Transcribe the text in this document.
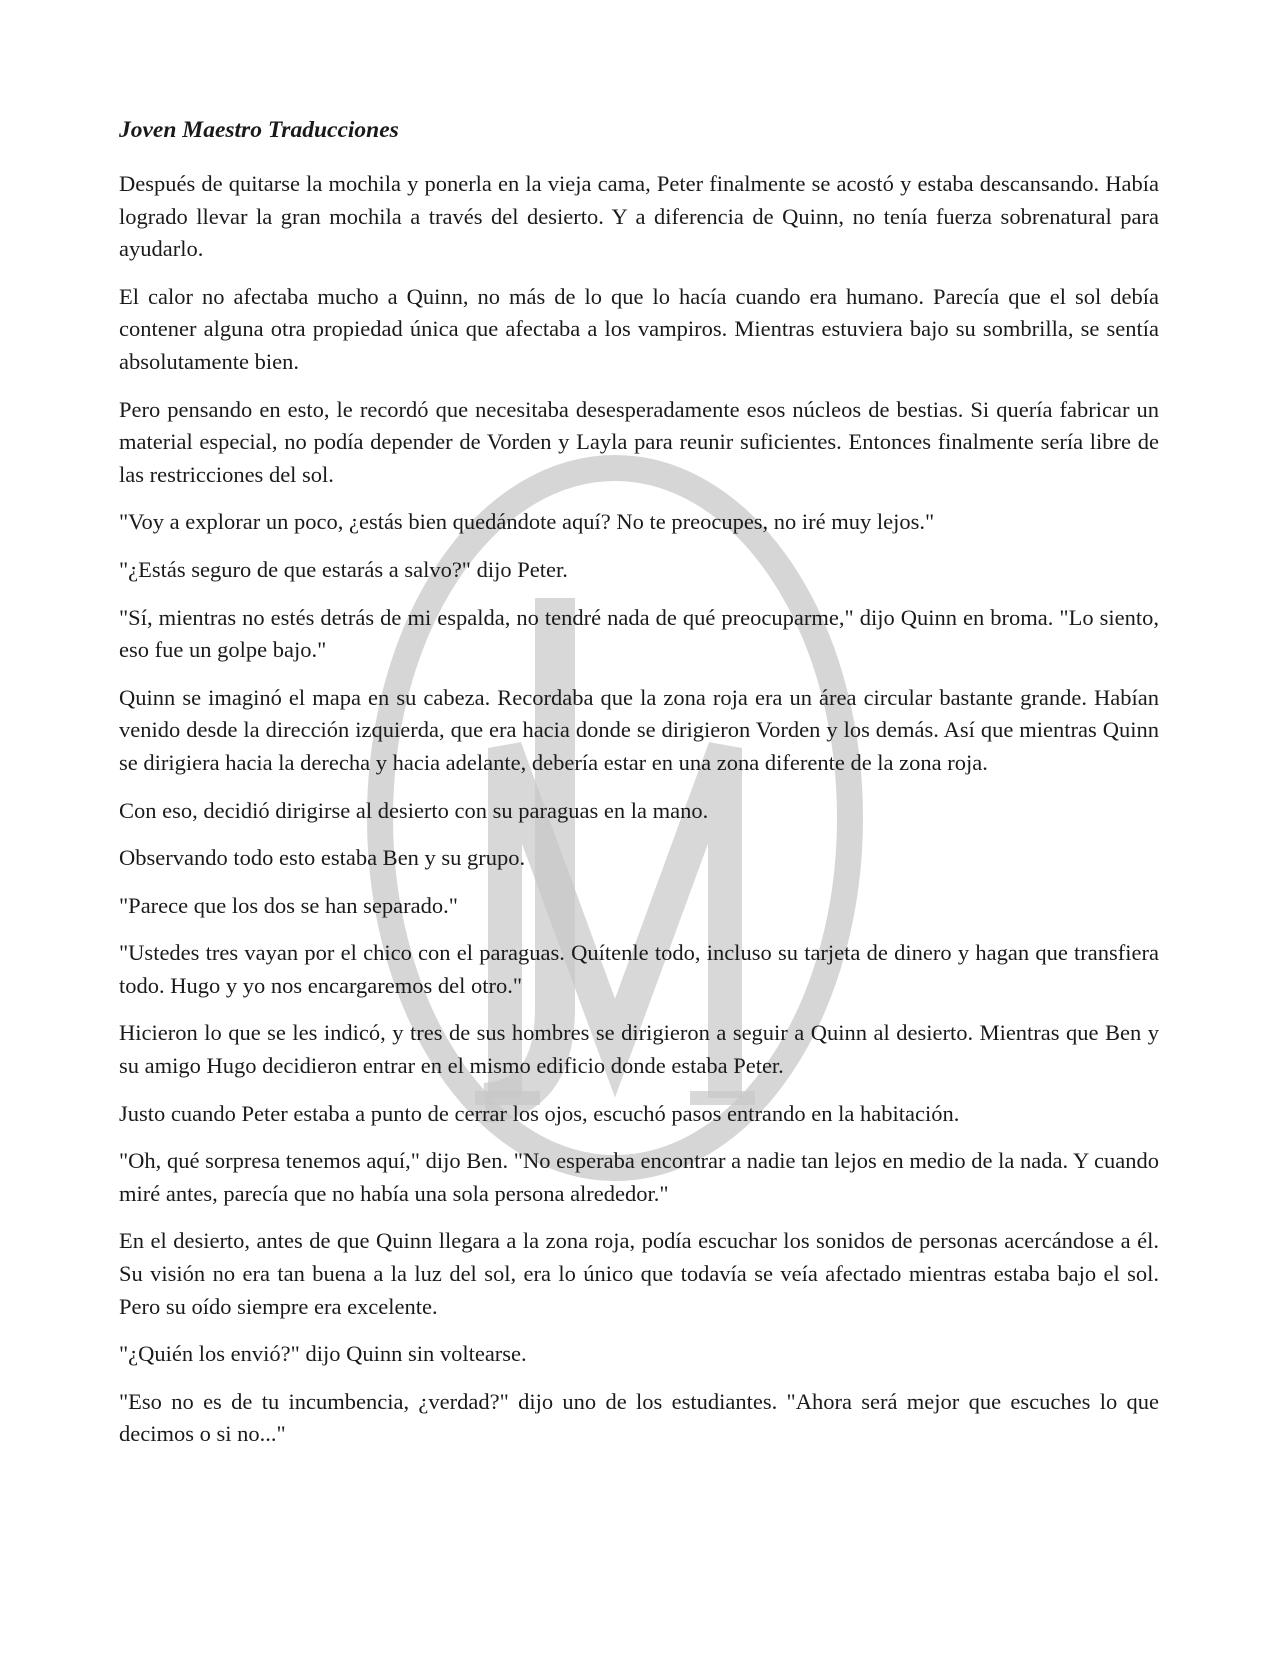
Joven Maestro Traducciones

Después de quitarse la mochila y ponerla en la vieja cama, Peter finalmente se acostó y estaba descansando. Había logrado llevar la gran mochila a través del desierto. Y a diferencia de Quinn, no tenía fuerza sobrenatural para ayudarlo.

El calor no afectaba mucho a Quinn, no más de lo que lo hacía cuando era humano. Parecía que el sol debía contener alguna otra propiedad única que afectaba a los vampiros. Mientras estuviera bajo su sombrilla, se sentía absolutamente bien.

Pero pensando en esto, le recordó que necesitaba desesperadamente esos núcleos de bestias. Si quería fabricar un material especial, no podía depender de Vorden y Layla para reunir suficientes. Entonces finalmente sería libre de las restricciones del sol.

"Voy a explorar un poco, ¿estás bien quedándote aquí? No te preocupes, no iré muy lejos."

"¿Estás seguro de que estarás a salvo?" dijo Peter.

"Sí, mientras no estés detrás de mi espalda, no tendré nada de qué preocuparme," dijo Quinn en broma. "Lo siento, eso fue un golpe bajo."

Quinn se imaginó el mapa en su cabeza. Recordaba que la zona roja era un área circular bastante grande. Habían venido desde la dirección izquierda, que era hacia donde se dirigieron Vorden y los demás. Así que mientras Quinn se dirigiera hacia la derecha y hacia adelante, debería estar en una zona diferente de la zona roja.

Con eso, decidió dirigirse al desierto con su paraguas en la mano.

Observando todo esto estaba Ben y su grupo.

"Parece que los dos se han separado."

"Ustedes tres vayan por el chico con el paraguas. Quítenle todo, incluso su tarjeta de dinero y hagan que transfiera todo. Hugo y yo nos encargaremos del otro."

Hicieron lo que se les indicó, y tres de sus hombres se dirigieron a seguir a Quinn al desierto. Mientras que Ben y su amigo Hugo decidieron entrar en el mismo edificio donde estaba Peter.

Justo cuando Peter estaba a punto de cerrar los ojos, escuchó pasos entrando en la habitación.

"Oh, qué sorpresa tenemos aquí," dijo Ben. "No esperaba encontrar a nadie tan lejos en medio de la nada. Y cuando miré antes, parecía que no había una sola persona alrededor."

En el desierto, antes de que Quinn llegara a la zona roja, podía escuchar los sonidos de personas acercándose a él. Su visión no era tan buena a la luz del sol, era lo único que todavía se veía afectado mientras estaba bajo el sol. Pero su oído siempre era excelente.

"¿Quién los envió?" dijo Quinn sin voltearse.

"Eso no es de tu incumbencia, ¿verdad?" dijo uno de los estudiantes. "Ahora será mejor que escuches lo que decimos o si no..."
